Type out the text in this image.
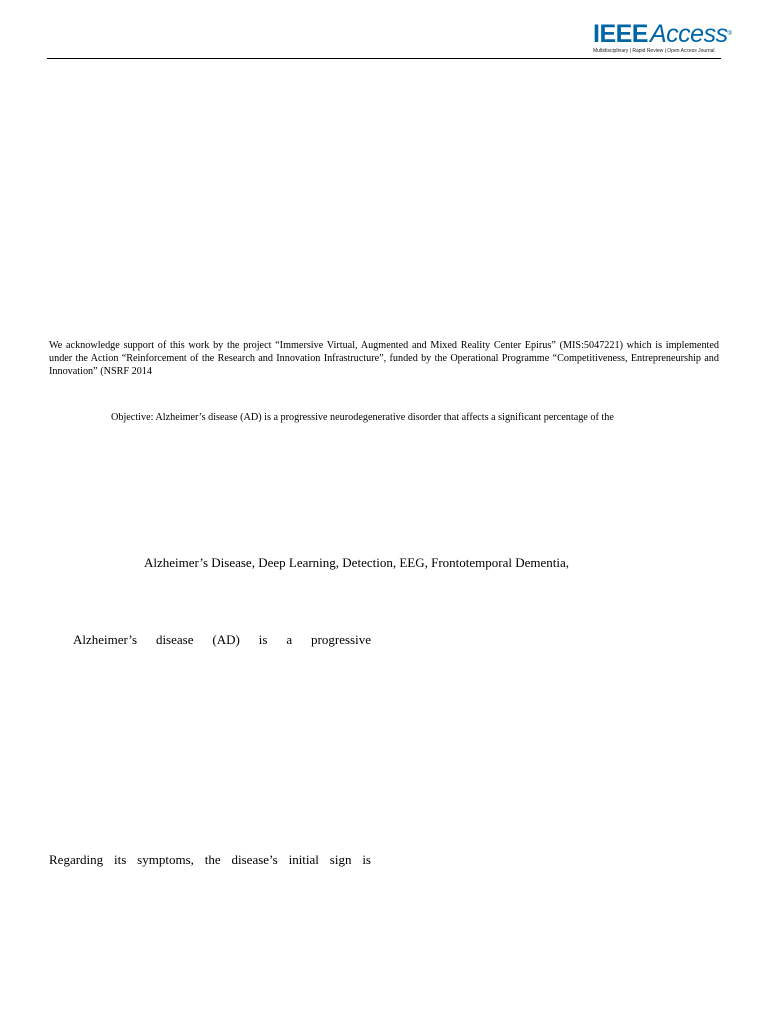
IEEEAccess®
Multidisciplinary | Rapid Review | Open Access Journal
We acknowledge support of this work by the project “Immersive Virtual, Augmented and Mixed Reality Center Epirus” (MIS:5047221) which is implemented under the Action “Reinforcement of the Research and Innovation Infrastructure”, funded by the Operational Programme “Competitiveness, Entrepreneurship and Innovation” (NSRF 2014
Objective: Alzheimer’s disease (AD) is a progressive neurodegenerative disorder that affects a significant percentage of the
Alzheimer’s Disease, Deep Learning, Detection, EEG, Frontotemporal Dementia,
Alzheimer’s disease (AD) is a progressive
Regarding its symptoms, the disease’s initial sign is
